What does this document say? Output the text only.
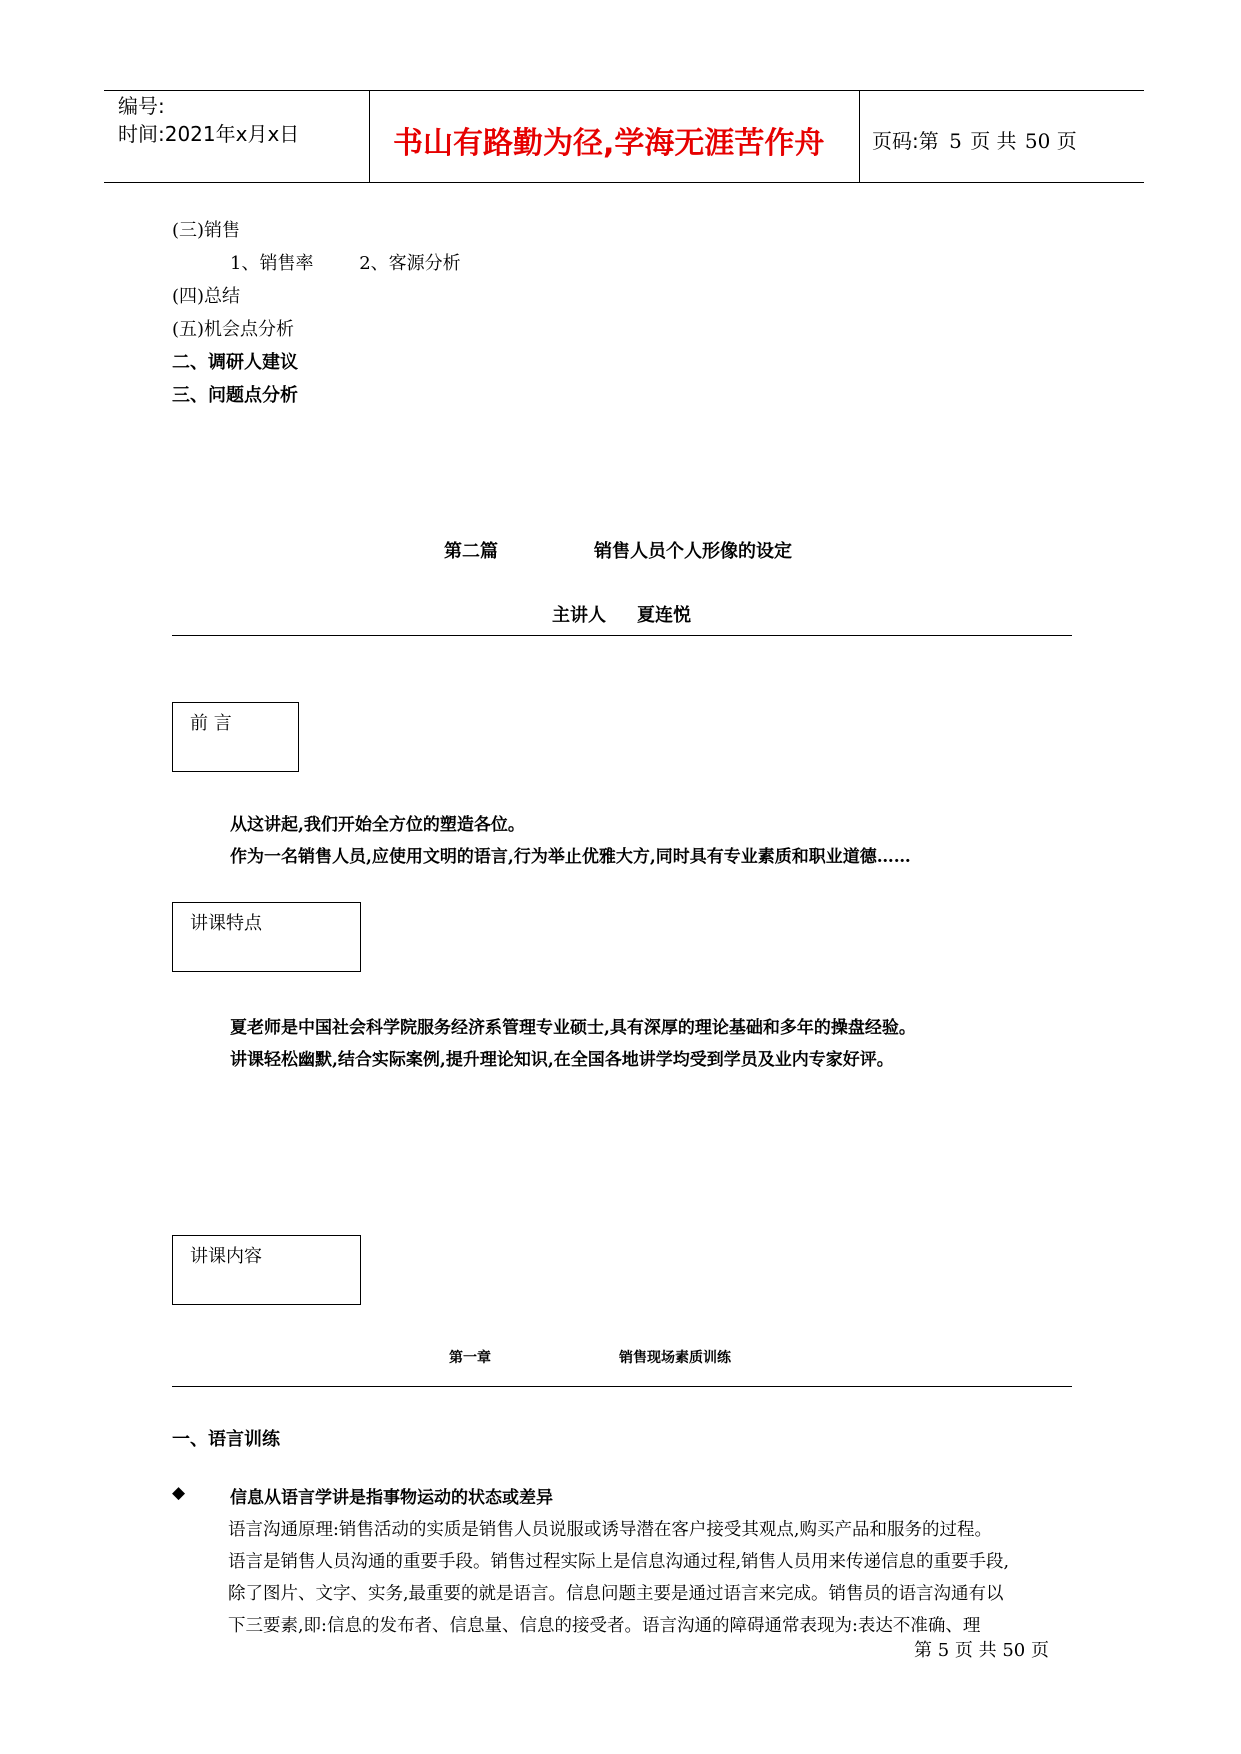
编号:
时间:2021年x月x日	书山有路勤为径,学海无涯苦作舟 页码:第 5 页 共 50 页
(三)销售
1、销售率        2、客源分析
(四)总结
(五)机会点分析
二、调研人建议
三、问题点分析
第二篇	销售人员个人形像的设定
主讲人 夏连悦
前 言
从这讲起,我们开始全方位的塑造各位。
作为一名销售人员,应使用文明的语言,行为举止优雅大方,同时具有专业素质和职业道德……
讲课特点
夏老师是中国社会科学院服务经济系管理专业硕士,具有深厚的理论基础和多年的操盘经验。
讲课轻松幽默,结合实际案例,提升理论知识,在全国各地讲学均受到学员及业内专家好评。
讲课内容
第一章	销售现场素质训练
一、语言训练
◆	信息从语言学讲是指事物运动的状态或差异
语言沟通原理:销售活动的实质是销售人员说服或诱导潜在客户接受其观点,购买产品和服务的过程。
语言是销售人员沟通的重要手段。销售过程实际上是信息沟通过程,销售人员用来传递信息的重要手段,
除了图片、文字、实务,最重要的就是语言。信息问题主要是通过语言来完成。销售员的语言沟通有以
下三要素,即:信息的发布者、信息量、信息的接受者。语言沟通的障碍通常表现为:表达不准确、理
第 5 页 共 50 页
